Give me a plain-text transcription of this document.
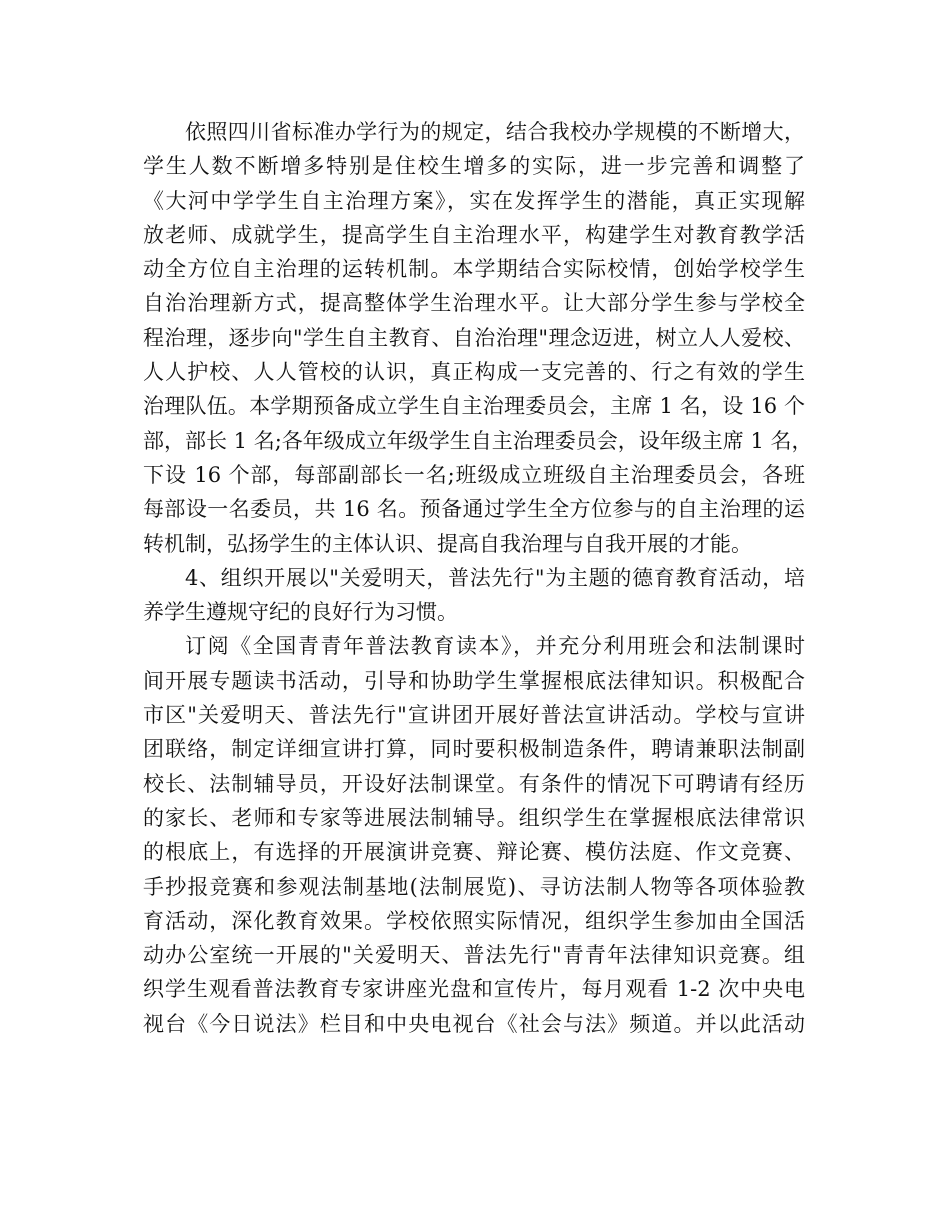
依照四川省标准办学行为的规定，结合我校办学规模的不断增大，
学生人数不断增多特别是住校生增多的实际，进一步完善和调整了
《大河中学学生自主治理方案》，实在发挥学生的潜能，真正实现解
放老师、成就学生，提高学生自主治理水平，构建学生对教育教学活
动全方位自主治理的运转机制。本学期结合实际校情，创始学校学生
自治治理新方式，提高整体学生治理水平。让大部分学生参与学校全
程治理，逐步向"学生自主教育、自治治理"理念迈进，树立人人爱校、
人人护校、人人管校的认识，真正构成一支完善的、行之有效的学生
治理队伍。本学期预备成立学生自主治理委员会，主席 1 名，设 16 个
部，部长 1 名;各年级成立年级学生自主治理委员会，设年级主席 1 名，
下设 16 个部，每部副部长一名;班级成立班级自主治理委员会，各班
每部设一名委员，共 16 名。预备通过学生全方位参与的自主治理的运
转机制，弘扬学生的主体认识、提高自我治理与自我开展的才能。
4、组织开展以"关爱明天，普法先行"为主题的德育教育活动，培
养学生遵规守纪的良好行为习惯。
订阅《全国青青年普法教育读本》，并充分利用班会和法制课时
间开展专题读书活动，引导和协助学生掌握根底法律知识。积极配合
市区"关爱明天、普法先行"宣讲团开展好普法宣讲活动。学校与宣讲
团联络，制定详细宣讲打算，同时要积极制造条件，聘请兼职法制副
校长、法制辅导员，开设好法制课堂。有条件的情况下可聘请有经历
的家长、老师和专家等进展法制辅导。组织学生在掌握根底法律常识
的根底上，有选择的开展演讲竞赛、辩论赛、模仿法庭、作文竞赛、
手抄报竞赛和参观法制基地(法制展览)、寻访法制人物等各项体验教
育活动，深化教育效果。学校依照实际情况，组织学生参加由全国活
动办公室统一开展的"关爱明天、普法先行"青青年法律知识竞赛。组
织学生观看普法教育专家讲座光盘和宣传片，每月观看 1-2 次中央电
视台《今日说法》栏目和中央电视台《社会与法》频道。并以此活动
